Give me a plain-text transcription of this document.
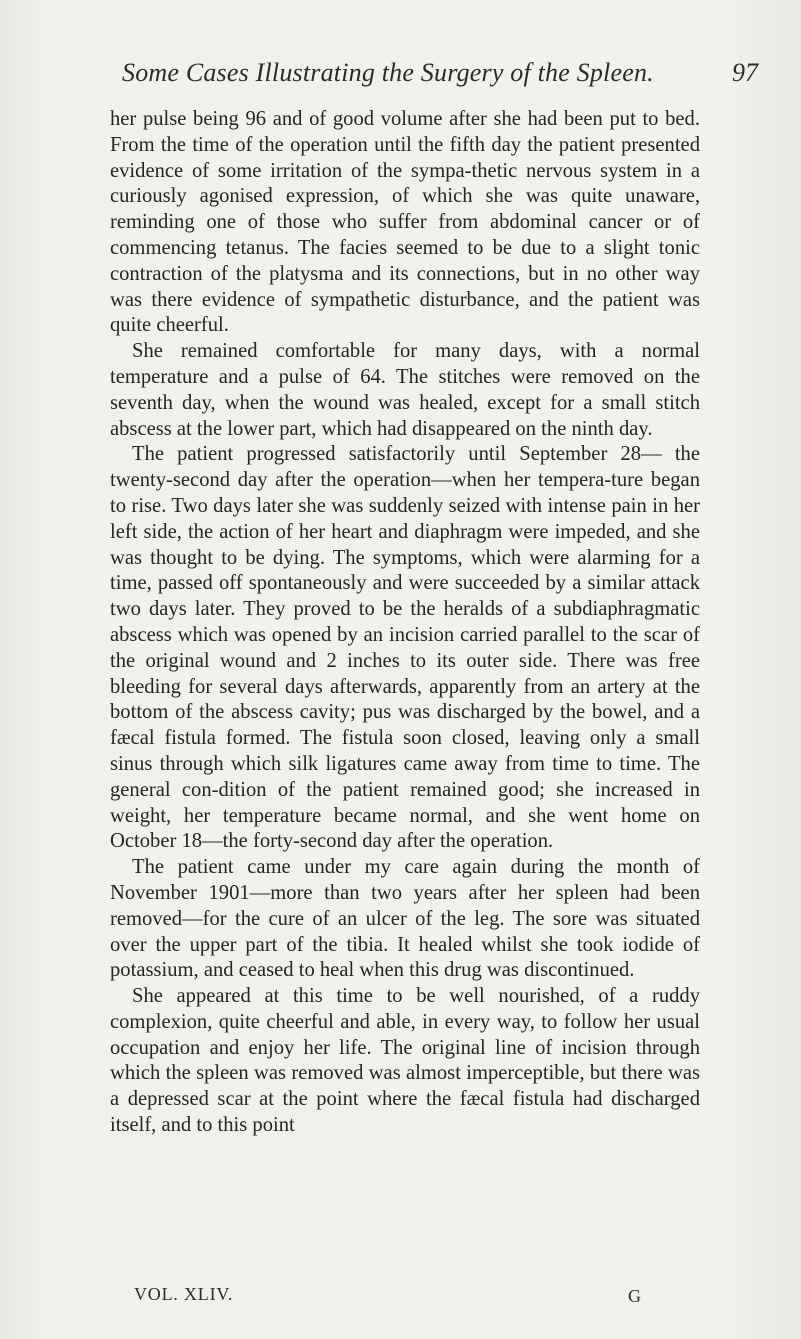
Some Cases Illustrating the Surgery of the Spleen.	97

her pulse being 96 and of good volume after she had been put to bed. From the time of the operation until the fifth day the patient presented evidence of some irritation of the sympa-thetic nervous system in a curiously agonised expression, of which she was quite unaware, reminding one of those who suffer from abdominal cancer or of commencing tetanus. The facies seemed to be due to a slight tonic contraction of the platysma and its connections, but in no other way was there evidence of sympathetic disturbance, and the patient was quite cheerful.

She remained comfortable for many days, with a normal temperature and a pulse of 64. The stitches were removed on the seventh day, when the wound was healed, except for a small stitch abscess at the lower part, which had disappeared on the ninth day.

The patient progressed satisfactorily until September 28— the twenty-second day after the operation—when her tempera-ture began to rise. Two days later she was suddenly seized with intense pain in her left side, the action of her heart and diaphragm were impeded, and she was thought to be dying. The symptoms, which were alarming for a time, passed off spontaneously and were succeeded by a similar attack two days later. They proved to be the heralds of a subdiaphragmatic abscess which was opened by an incision carried parallel to the scar of the original wound and 2 inches to its outer side. There was free bleeding for several days afterwards, apparently from an artery at the bottom of the abscess cavity; pus was discharged by the bowel, and a fæcal fistula formed. The fistula soon closed, leaving only a small sinus through which silk ligatures came away from time to time. The general con-dition of the patient remained good; she increased in weight, her temperature became normal, and she went home on October 18—the forty-second day after the operation.

The patient came under my care again during the month of November 1901—more than two years after her spleen had been removed—for the cure of an ulcer of the leg. The sore was situated over the upper part of the tibia. It healed whilst she took iodide of potassium, and ceased to heal when this drug was discontinued.

She appeared at this time to be well nourished, of a ruddy complexion, quite cheerful and able, in every way, to follow her usual occupation and enjoy her life. The original line of incision through which the spleen was removed was almost imperceptible, but there was a depressed scar at the point where the fæcal fistula had discharged itself, and to this point

VOL. XLIV.	G
